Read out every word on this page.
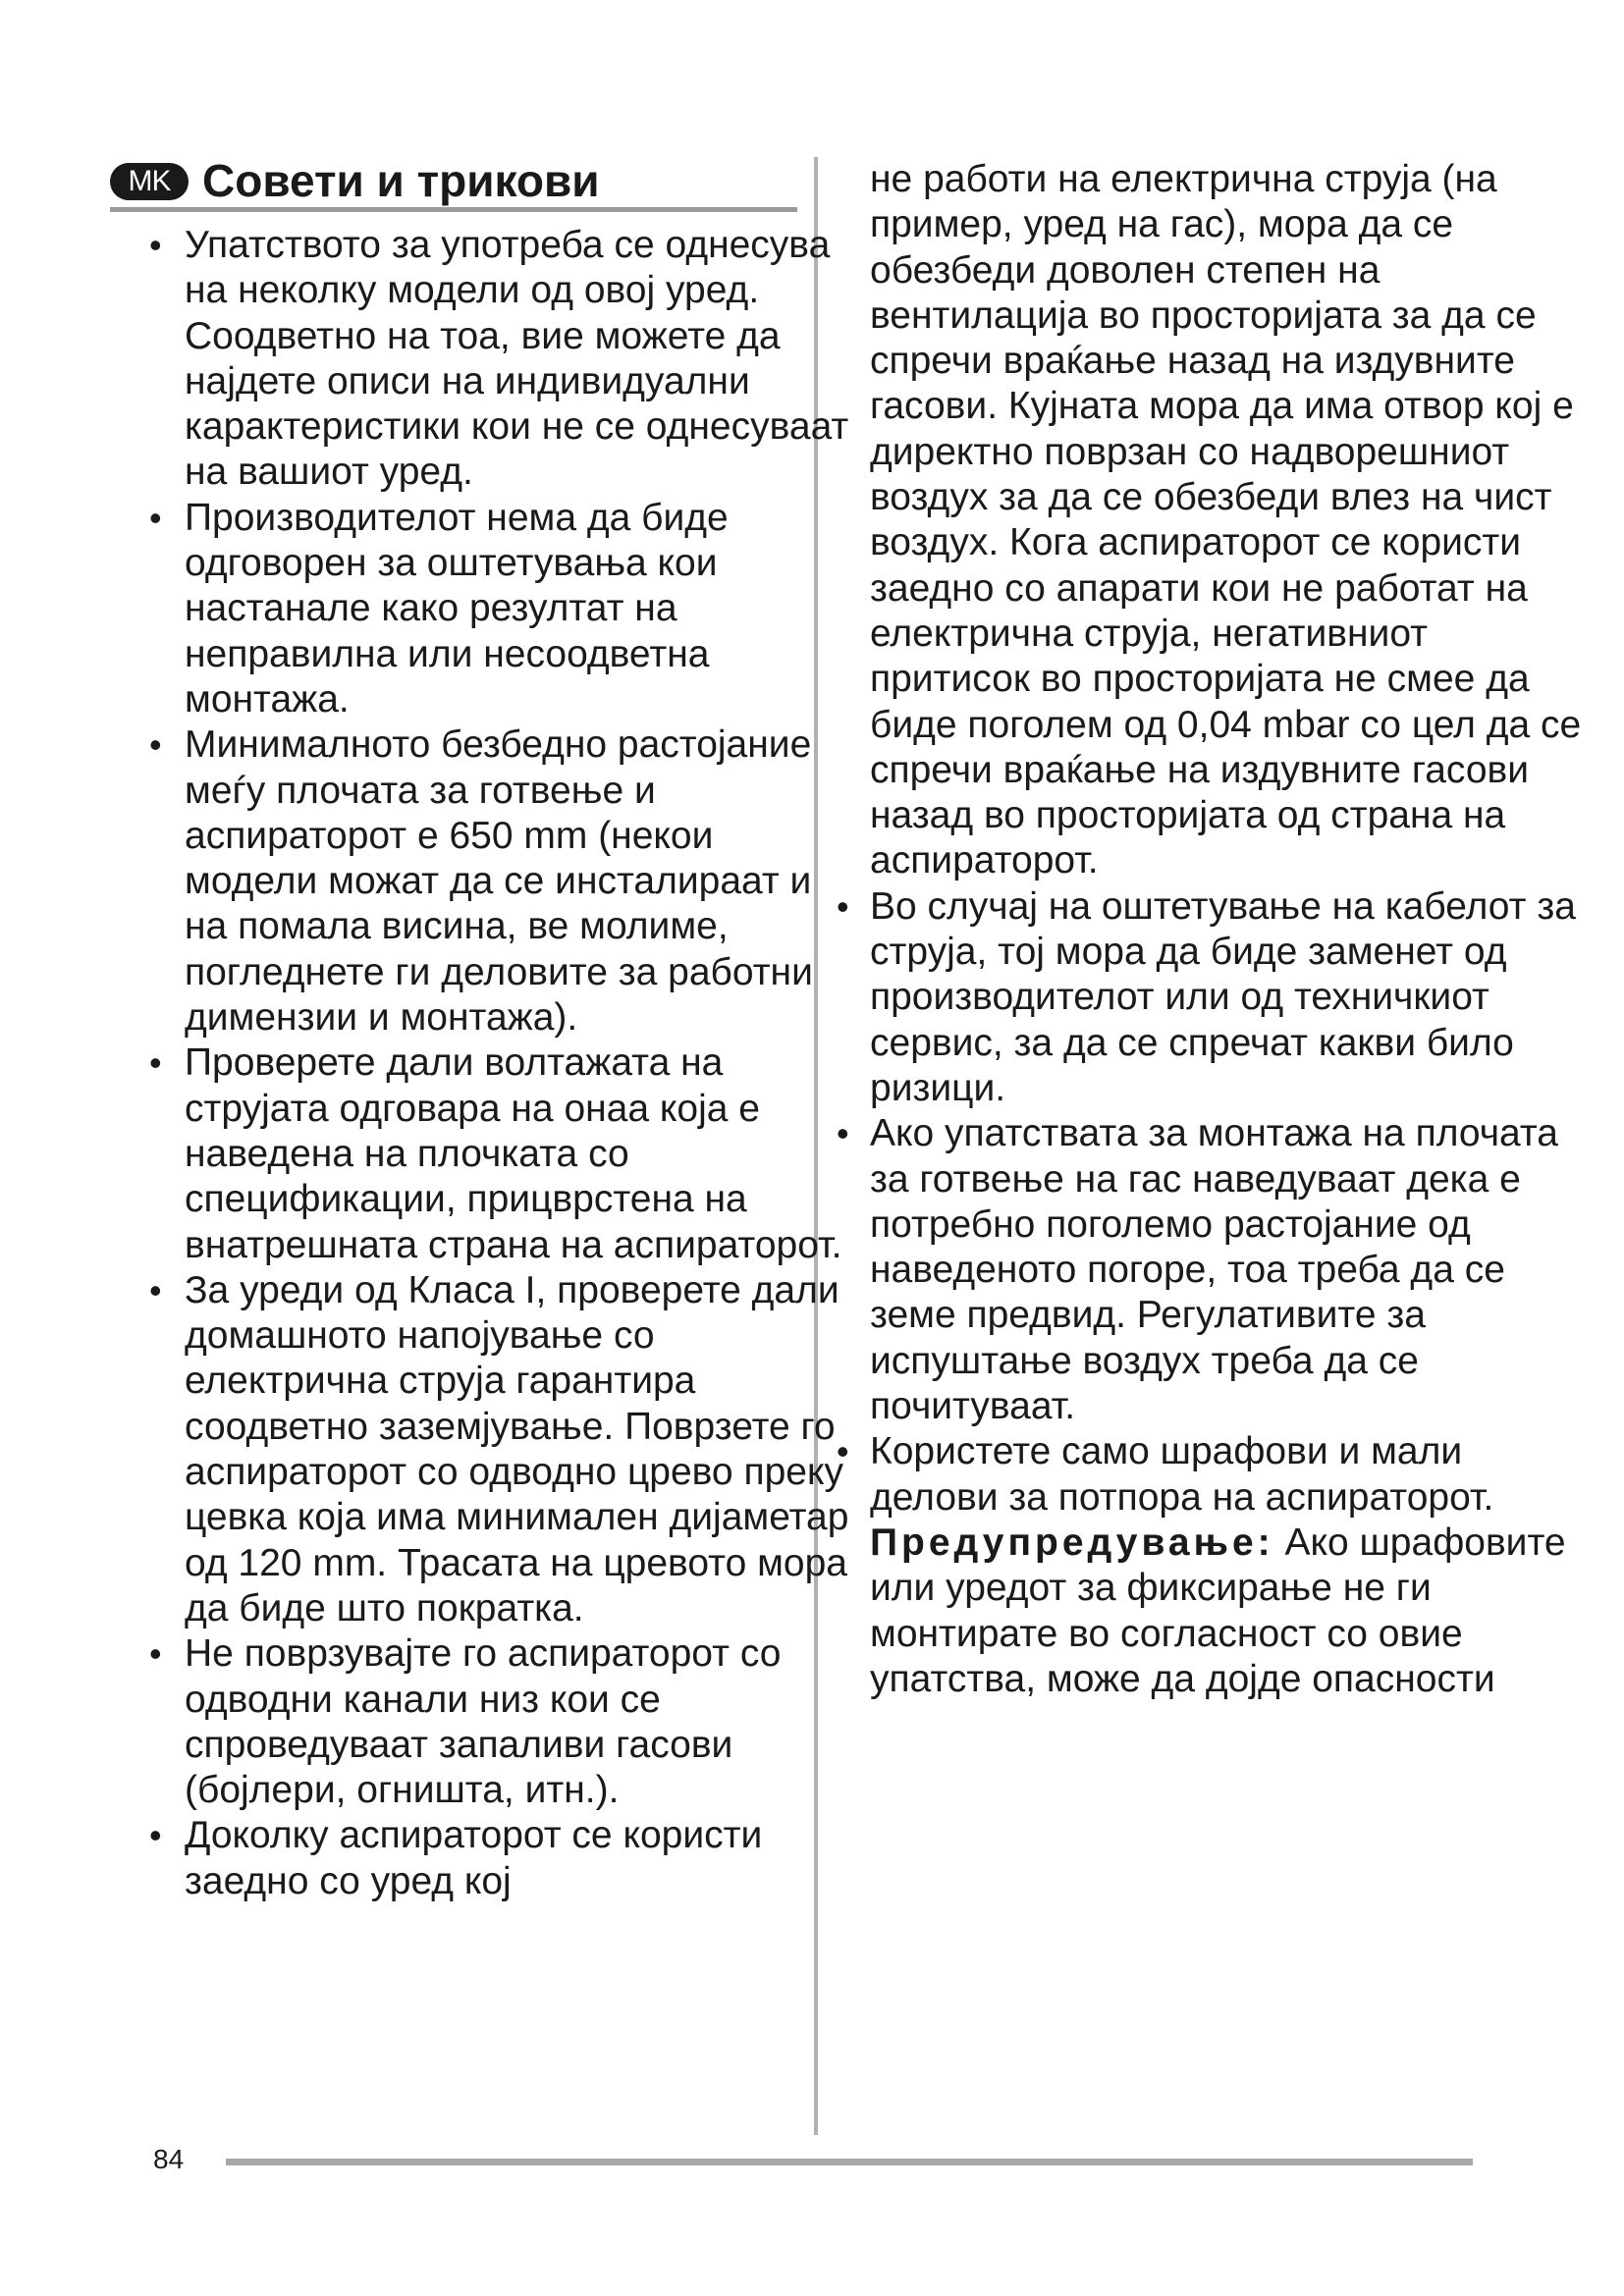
MK Совети и трикови
• Упатството за употреба се однесува на неколку модели од овој уред. Соодветно на тоа, вие можете да најдете описи на индивидуални карактеристики кои не се однесуваат на вашиот уред.
• Производителот нема да биде одговорен за оштетувања кои настанале како резултат на неправилна или несоодветна монтажа.
• Минималното безбедно растојание меѓу плочата за готвење и аспираторот е 650 mm (некои модели можат да се инсталираат и на помала висина, ве молиме, погледнете ги деловите за работни димензии и монтажа).
• Проверете дали волтажата на струјата одговара на онаа која е наведена на плочката со спецификации, прицврстена на внатрешната страна на аспираторот.
• За уреди од Класа I, проверете дали домашното напојување со електрична струја гарантира соодветно заземјување. Поврзете го аспираторот со одводно црево преку цевка која има минимален дијаметар од 120 mm. Трасата на цревото мора да биде што пократка.
• Не поврзувајте го аспираторот со одводни канали низ кои се спроведуваат запаливи гасови (бојлери, огништа, итн.).
• Доколку аспираторот се користи заедно со уред кој
не работи на електрична струја (на пример, уред на гас), мора да се обезбеди доволен степен на вентилација во просторијата за да се спречи враќање назад на издувните гасови. Кујната мора да има отвор кој е директно поврзан со надворешниот воздух за да се обезбеди влез на чист воздух. Кога аспираторот се користи заедно со апарати кои не работат на електрична струја, негативниот притисок во просторијата не смее да биде поголем од 0,04 mbar со цел да се спречи враќање на издувните гасови назад во просторијата од страна на аспираторот.
• Во случај на оштетување на кабелот за струја, тој мора да биде заменет од производителот или од техничкиот сервис, за да се спречат какви било ризици.
• Ако упатствата за монтажа на плочата за готвење на гас наведуваат дека е потребно поголемо растојание од наведеното погоре, тоа треба да се земе предвид. Регулативите за испуштање воздух треба да се почитуваат.
• Користете само шрафови и мали делови за потпора на аспираторот.
Предупредување: Ако шрафовите или уредот за фиксирање не ги монтирате во согласност со овие упатства, може да дојде опасности
84
